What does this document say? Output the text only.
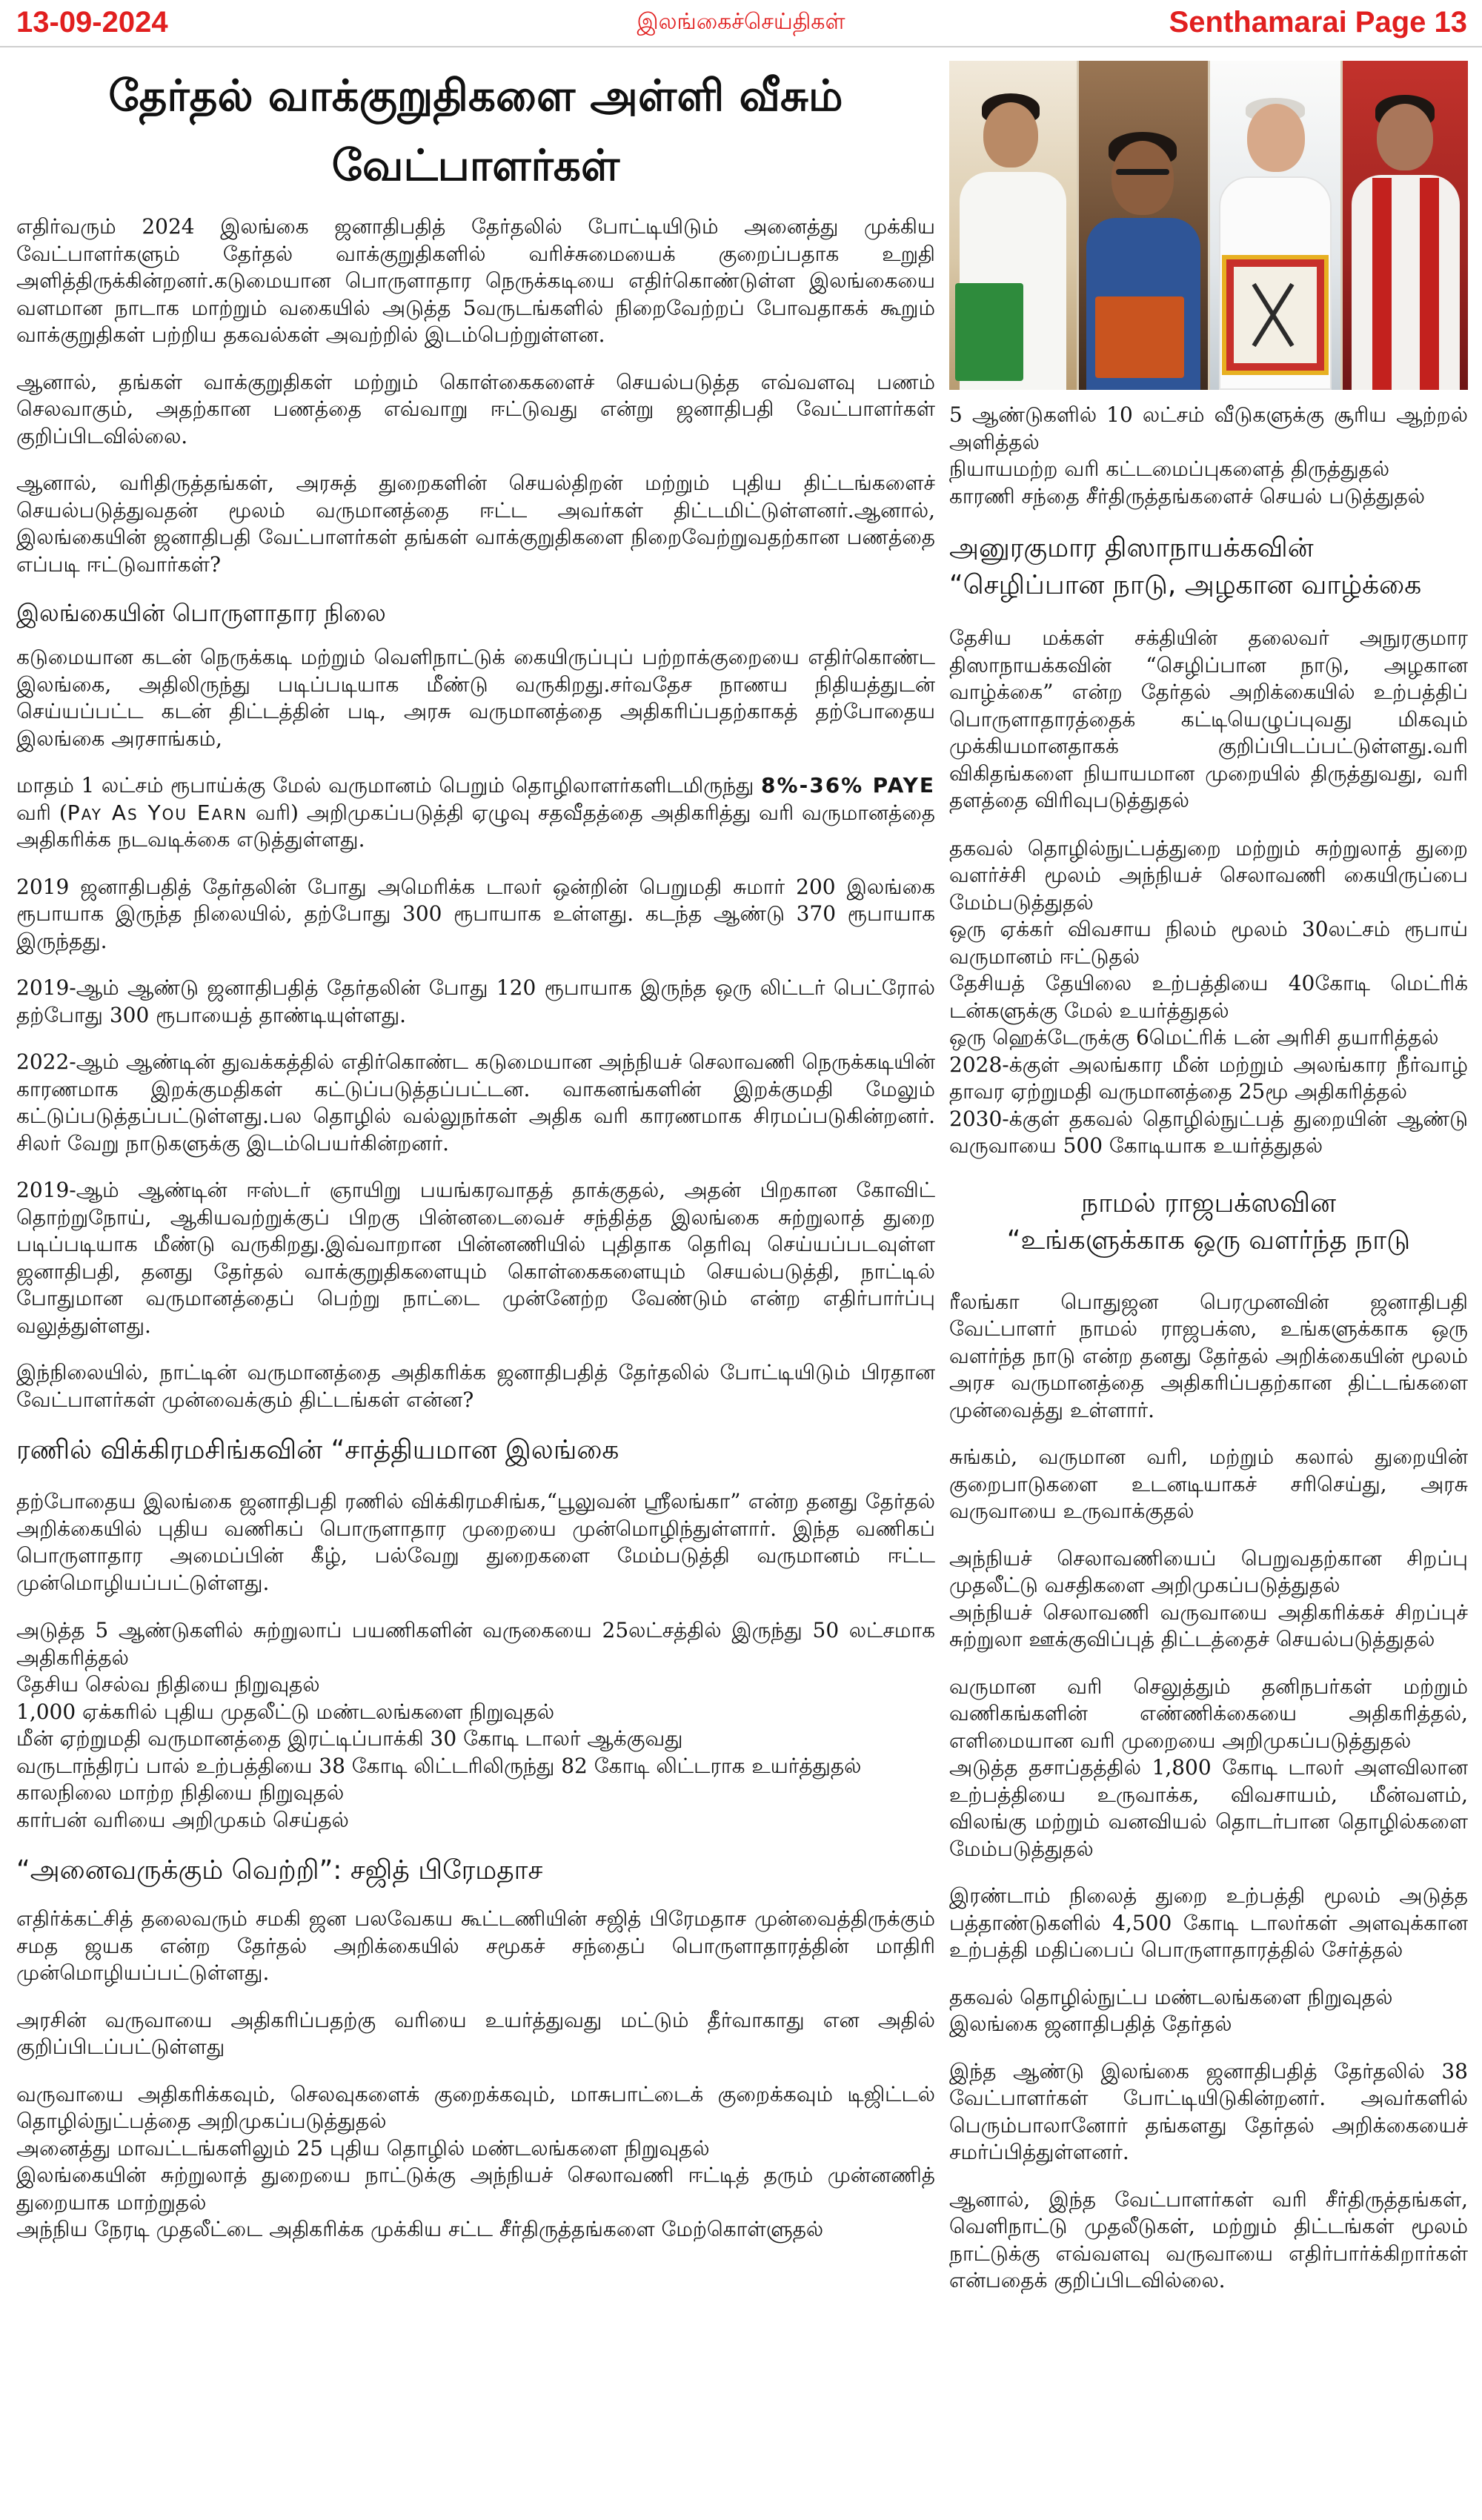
13-09-2024	இலங்கைச்செய்திகள்	Senthamarai Page 13
தேர்தல் வாக்குறுதிகளை அள்ளி வீசும் வேட்பாளர்கள்

எதிர்வரும் 2024 இலங்கை ஜனாதிபதித் தேர்தலில் போட்டியிடும் அனைத்து முக்கிய வேட்பாளர்களும் தேர்தல் வாக்குறுதிகளில் வரிச்சுமையைக் குறைப்பதாக உறுதி அளித்திருக்கின்றனர்.கடுமையான பொருளாதார நெருக்கடியை எதிர்கொண்டுள்ள இலங்கையை வளமான நாடாக மாற்றும் வகையில் அடுத்த 5வருடங்களில் நிறைவேற்றப் போவதாகக் கூறும் வாக்குறுதிகள் பற்றிய தகவல்கள் அவற்றில் இடம்பெற்றுள்ளன.

ஆனால், தங்கள் வாக்குறுதிகள் மற்றும் கொள்கைகளைச் செயல்படுத்த எவ்வளவு பணம் செலவாகும், அதற்கான பணத்தை எவ்வாறு ஈட்டுவது என்று ஜனாதிபதி வேட்பாளர்கள் குறிப்பிடவில்லை.

ஆனால், வரிதிருத்தங்கள், அரசுத் துறைகளின் செயல்திறன் மற்றும் புதிய திட்டங்களைச் செயல்படுத்துவதன் மூலம் வருமானத்தை ஈட்ட அவர்கள் திட்டமிட்டுள்ளனர்.ஆனால், இலங்கையின் ஜனாதிபதி வேட்பாளர்கள் தங்கள் வாக்குறுதிகளை நிறைவேற்றுவதற்கான பணத்தை எப்படி ஈட்டுவார்கள்?

இலங்கையின் பொருளாதார நிலை

கடுமையான கடன் நெருக்கடி மற்றும் வெளிநாட்டுக் கையிருப்புப் பற்றாக்குறையை எதிர்கொண்ட இலங்கை, அதிலிருந்து படிப்படியாக மீண்டு வருகிறது.சர்வதேச நாணய நிதியத்துடன் செய்யப்பட்ட கடன் திட்டத்தின் படி, அரசு வருமானத்தை அதிகரிப்பதற்காகத் தற்போதைய இலங்கை அரசாங்கம்,

மாதம் 1 லட்சம் ரூபாய்க்கு மேல் வருமானம் பெறும் தொழிலாளர்களிடமிருந்து 8%-36% PAYE வரி (Pay As You Earn வரி) அறிமுகப்படுத்தி ஏழுவு சதவீதத்தை அதிகரித்து வரி வருமானத்தை அதிகரிக்க நடவடிக்கை எடுத்துள்ளது.

2019 ஜனாதிபதித் தேர்தலின் போது அமெரிக்க டாலர் ஒன்றின் பெறுமதி சுமார் 200 இலங்கை ரூபாயாக இருந்த நிலையில், தற்போது 300 ரூபாயாக உள்ளது. கடந்த ஆண்டு 370 ரூபாயாக இருந்தது.

2019-ஆம் ஆண்டு ஜனாதிபதித் தேர்தலின் போது 120 ரூபாயாக இருந்த ஒரு லிட்டர் பெட்ரோல் தற்போது 300 ரூபாயைத் தாண்டியுள்ளது.

2022-ஆம் ஆண்டின் துவக்கத்தில் எதிர்கொண்ட கடுமையான அந்நியச் செலாவணி நெருக்கடியின் காரணமாக இறக்குமதிகள் கட்டுப்படுத்தப்பட்டன. வாகனங்களின் இறக்குமதி மேலும் கட்டுப்படுத்தப்பட்டுள்ளது.பல தொழில் வல்லுநர்கள் அதிக வரி காரணமாக சிரமப்படுகின்றனர். சிலர் வேறு நாடுகளுக்கு இடம்பெயர்கின்றனர்.

2019-ஆம் ஆண்டின் ஈஸ்டர் ஞாயிறு பயங்கரவாதத் தாக்குதல், அதன் பிறகான கோவிட் தொற்றுநோய், ஆகியவற்றுக்குப் பிறகு பின்னடைவைச் சந்தித்த இலங்கை சுற்றுலாத் துறை படிப்படியாக மீண்டு வருகிறது.இவ்வாறான பின்னணியில் புதிதாக தெரிவு செய்யப்படவுள்ள ஜனாதிபதி, தனது தேர்தல் வாக்குறுதிகளையும் கொள்கைகளையும் செயல்படுத்தி, நாட்டில் போதுமான வருமானத்தைப் பெற்று நாட்டை முன்னேற்ற வேண்டும் என்ற எதிர்பார்ப்பு வலுத்துள்ளது.

இந்நிலையில், நாட்டின் வருமானத்தை அதிகரிக்க ஜனாதிபதித் தேர்தலில் போட்டியிடும் பிரதான வேட்பாளர்கள் முன்வைக்கும் திட்டங்கள் என்ன?

ரணில் விக்கிரமசிங்கவின் “சாத்தியமான இலங்கை

தற்போதைய இலங்கை ஜனாதிபதி ரணில் விக்கிரமசிங்க,“பூலுவன் ஸ்ரீலங்கா” என்ற தனது தேர்தல் அறிக்கையில் புதிய வணிகப் பொருளாதார முறையை முன்மொழிந்துள்ளார். இந்த வணிகப் பொருளாதார அமைப்பின் கீழ், பல்வேறு துறைகளை மேம்படுத்தி வருமானம் ஈட்ட முன்மொழியப்பட்டுள்ளது.

அடுத்த 5 ஆண்டுகளில் சுற்றுலாப் பயணிகளின் வருகையை 25லட்சத்தில் இருந்து 50 லட்சமாக அதிகரித்தல்
தேசிய செல்வ நிதியை நிறுவுதல்
1,000 ஏக்கரில் புதிய முதலீட்டு மண்டலங்களை நிறுவுதல்
மீன் ஏற்றுமதி வருமானத்தை இரட்டிப்பாக்கி 30 கோடி டாலர் ஆக்குவது
வருடாந்திரப் பால் உற்பத்தியை 38 கோடி லிட்டரிலிருந்து 82 கோடி லிட்டராக உயர்த்துதல்
காலநிலை மாற்ற நிதியை நிறுவுதல்
கார்பன் வரியை அறிமுகம் செய்தல்
“அனைவருக்கும் வெற்றி”: சஜித் பிரேமதாச

எதிர்க்கட்சித் தலைவரும் சமகி ஜன பலவேகய கூட்டணியின் சஜித் பிரேமதாச முன்வைத்திருக்கும் சமத ஜயக என்ற தேர்தல் அறிக்கையில் சமூகச் சந்தைப் பொருளாதாரத்தின் மாதிரி முன்மொழியப்பட்டுள்ளது.

அரசின் வருவாயை அதிகரிப்பதற்கு வரியை உயர்த்துவது மட்டும் தீர்வாகாது என அதில் குறிப்பிடப்பட்டுள்ளது

வருவாயை அதிகரிக்கவும், செலவுகளைக் குறைக்கவும், மாசுபாட்டைக் குறைக்கவும் டிஜிட்டல் தொழில்நுட்பத்தை அறிமுகப்படுத்துதல்
அனைத்து மாவட்டங்களிலும் 25 புதிய தொழில் மண்டலங்களை நிறுவுதல்
இலங்கையின் சுற்றுலாத் துறையை நாட்டுக்கு அந்நியச் செலாவணி ஈட்டித் தரும் முன்னணித் துறையாக மாற்றுதல்
அந்நிய நேரடி முதலீட்டை அதிகரிக்க முக்கிய சட்ட சீர்திருத்தங்களை மேற்கொள்ளுதல்
5 ஆண்டுகளில் 10 லட்சம் வீடுகளுக்கு சூரிய ஆற்றல் அளித்தல்
நியாயமற்ற வரி கட்டமைப்புகளைத் திருத்துதல்
காரணி சந்தை சீர்திருத்தங்களைச் செயல் படுத்துதல்
அனுரகுமார திஸாநாயக்கவின்
“செழிப்பான நாடு, அழகான வாழ்க்கை

தேசிய மக்கள் சக்தியின் தலைவர் அநுரகுமார திஸாநாயக்கவின் “செழிப்பான நாடு, அழகான வாழ்க்கை” என்ற தேர்தல் அறிக்கையில் உற்பத்திப் பொருளாதாரத்தைக் கட்டியெழுப்புவது மிகவும் முக்கியமானதாகக் குறிப்பிடப்பட்டுள்ளது.வரி விகிதங்களை நியாயமான முறையில் திருத்துவது, வரி தளத்தை விரிவுபடுத்துதல்

தகவல் தொழில்நுட்பத்துறை மற்றும் சுற்றுலாத் துறை வளர்ச்சி மூலம் அந்நியச் செலாவணி கையிருப்பை மேம்படுத்துதல்
ஒரு ஏக்கர் விவசாய நிலம் மூலம் 30லட்சம் ரூபாய் வருமானம் ஈட்டுதல்
தேசியத் தேயிலை உற்பத்தியை 40கோடி மெட்ரிக் டன்களுக்கு மேல் உயர்த்துதல்
ஒரு ஹெக்டேருக்கு 6மெட்ரிக் டன் அரிசி தயாரித்தல்
2028-க்குள் அலங்கார மீன் மற்றும் அலங்கார நீர்வாழ் தாவர ஏற்றுமதி வருமானத்தை 25மூ அதிகரித்தல்
2030-க்குள் தகவல் தொழில்நுட்பத் துறையின் ஆண்டு வருவாயை 500 கோடியாக உயர்த்துதல்
நாமல் ராஜபக்ஸவின
“உங்களுக்காக ஒரு வளர்ந்த நாடு

ரீலங்கா பொதுஜன பெரமுனவின் ஜனாதிபதி வேட்பாளர் நாமல் ராஜபக்ஸ, உங்களுக்காக ஒரு வளர்ந்த நாடு என்ற தனது தேர்தல் அறிக்கையின் மூலம் அரச வருமானத்தை அதிகரிப்பதற்கான திட்டங்களை முன்வைத்து உள்ளார்.

சுங்கம், வருமான வரி, மற்றும் கலால் துறையின் குறைபாடுகளை உடனடியாகச் சரிசெய்து, அரசு வருவாயை உருவாக்குதல்
அந்நியச் செலாவணியைப் பெறுவதற்கான சிறப்பு முதலீட்டு வசதிகளை அறிமுகப்படுத்துதல்
அந்நியச் செலாவணி வருவாயை அதிகரிக்கச் சிறப்புச் சுற்றுலா ஊக்குவிப்புத் திட்டத்தைச் செயல்படுத்துதல்
வருமான வரி செலுத்தும் தனிநபர்கள் மற்றும் வணிகங்களின் எண்ணிக்கையை அதிகரித்தல், எளிமையான வரி முறையை அறிமுகப்படுத்துதல்
அடுத்த தசாப்தத்தில் 1,800 கோடி டாலர் அளவிலான உற்பத்தியை உருவாக்க, விவசாயம், மீன்வளம், விலங்கு மற்றும் வனவியல் தொடர்பான தொழில்களை மேம்படுத்துதல்
இரண்டாம் நிலைத் துறை உற்பத்தி மூலம் அடுத்த பத்தாண்டுகளில் 4,500 கோடி டாலர்கள் அளவுக்கான உற்பத்தி மதிப்பைப் பொருளாதாரத்தில் சேர்த்தல்
தகவல் தொழில்நுட்ப மண்டலங்களை நிறுவுதல்
இலங்கை ஜனாதிபதித் தேர்தல்

இந்த ஆண்டு இலங்கை ஜனாதிபதித் தேர்தலில் 38 வேட்பாளர்கள் போட்டியிடுகின்றனர். அவர்களில் பெரும்பாலானோர் தங்களது தேர்தல் அறிக்கையைச் சமர்ப்பித்துள்ளனர்.

ஆனால், இந்த வேட்பாளர்கள் வரி சீர்திருத்தங்கள், வெளிநாட்டு முதலீடுகள், மற்றும் திட்டங்கள் மூலம் நாட்டுக்கு எவ்வளவு வருவாயை எதிர்பார்க்கிறார்கள் என்பதைக் குறிப்பிடவில்லை.
